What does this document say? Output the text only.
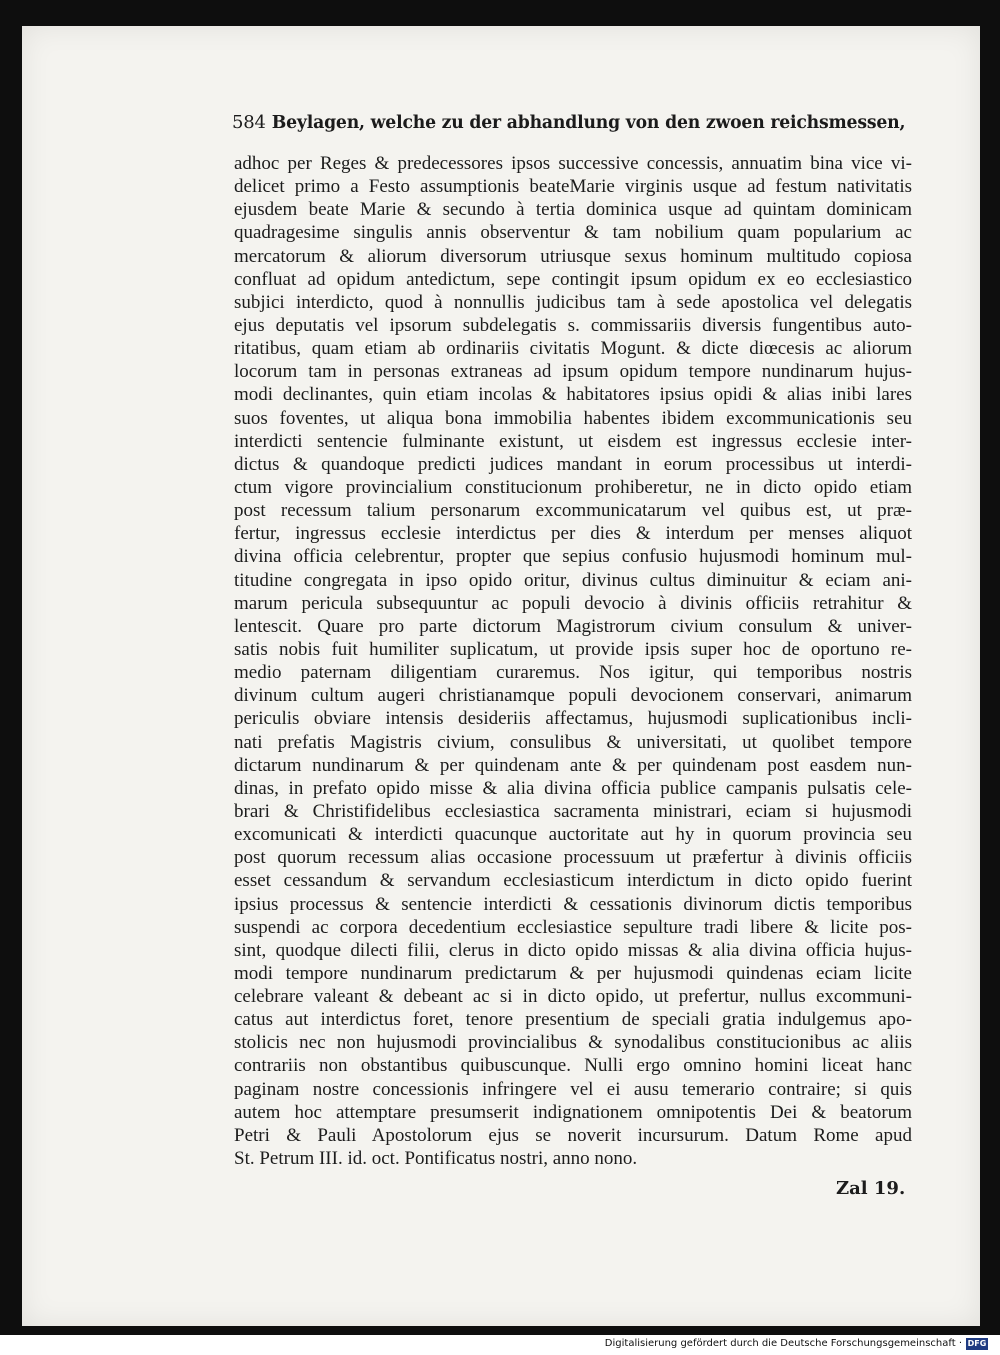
584 Beylagen, welche zu der abhandlung von den zwoen reichsmessen,
adhoc per Reges & predecessores ipsos successive concessis, annuatim bina vice vi-
delicet primo a Festo assumptionis beateMarie virginis usque ad festum nativitatis
ejusdem beate Marie & secundo à tertia dominica usque ad quintam dominicam
quadragesime singulis annis observentur & tam nobilium quam popularium ac
mercatorum & aliorum diversorum utriusque sexus hominum multitudo copiosa
confluat ad opidum antedictum, sepe contingit ipsum opidum ex eo ecclesiastico
subjici interdicto, quod à nonnullis judicibus tam à sede apostolica vel delegatis
ejus deputatis vel ipsorum subdelegatis s. commissariis diversis fungentibus auto-
ritatibus, quam etiam ab ordinariis civitatis Mogunt. & dicte diœcesis ac aliorum
locorum tam in personas extraneas ad ipsum opidum tempore nundinarum hujus-
modi declinantes, quin etiam incolas & habitatores ipsius opidi & alias inibi lares
suos foventes, ut aliqua bona immobilia habentes ibidem excommunicationis seu
interdicti sentencie fulminante existunt, ut eisdem est ingressus ecclesie inter-
dictus & quandoque predicti judices mandant in eorum processibus ut interdi-
ctum vigore provincialium constitucionum prohiberetur, ne in dicto opido etiam
post recessum talium personarum excommunicatarum vel quibus est, ut præ-
fertur, ingressus ecclesie interdictus per dies & interdum per menses aliquot
divina officia celebrentur, propter que sepius confusio hujusmodi hominum mul-
titudine congregata in ipso opido oritur, divinus cultus diminuitur & eciam ani-
marum pericula subsequuntur ac populi devocio à divinis officiis retrahitur &
lentescit. Quare pro parte dictorum Magistrorum civium consulum & univer-
satis nobis fuit humiliter suplicatum, ut provide ipsis super hoc de oportuno re-
medio paternam diligentiam curaremus. Nos igitur, qui temporibus nostris
divinum cultum augeri christianamque populi devocionem conservari, animarum
periculis obviare intensis desideriis affectamus, hujusmodi suplicationibus incli-
nati prefatis Magistris civium, consulibus & universitati, ut quolibet tempore
dictarum nundinarum & per quindenam ante & per quindenam post easdem nun-
dinas, in prefato opido misse & alia divina officia publice campanis pulsatis cele-
brari & Christifidelibus ecclesiastica sacramenta ministrari, eciam si hujusmodi
excomunicati & interdicti quacunque auctoritate aut hy in quorum provincia seu
post quorum recessum alias occasione processuum ut præfertur à divinis officiis
esset cessandum & servandum ecclesiasticum interdictum in dicto opido fuerint
ipsius processus & sentencie interdicti & cessationis divinorum dictis temporibus
suspendi ac corpora decedentium ecclesiastice sepulture tradi libere & licite pos-
sint, quodque dilecti filii, clerus in dicto opido missas & alia divina officia hujus-
modi tempore nundinarum predictarum & per hujusmodi quindenas eciam licite
celebrare valeant & debeant ac si in dicto opido, ut prefertur, nullus excommuni-
catus aut interdictus foret, tenore presentium de speciali gratia indulgemus apo-
stolicis nec non hujusmodi provincialibus & synodalibus constitucionibus ac aliis
contrariis non obstantibus quibuscunque. Nulli ergo omnino homini liceat hanc
paginam nostre concessionis infringere vel ei ausu temerario contraire; si quis
autem hoc attemptare presumserit indignationem omnipotentis Dei & beatorum
Petri & Pauli Apostolorum ejus se noverit incursurum. Datum Rome apud
St. Petrum III. id. oct. Pontificatus nostri, anno nono.
Zal 19.
Digitalisierung gefördert durch die Deutsche Forschungsgemeinschaft · DFG
